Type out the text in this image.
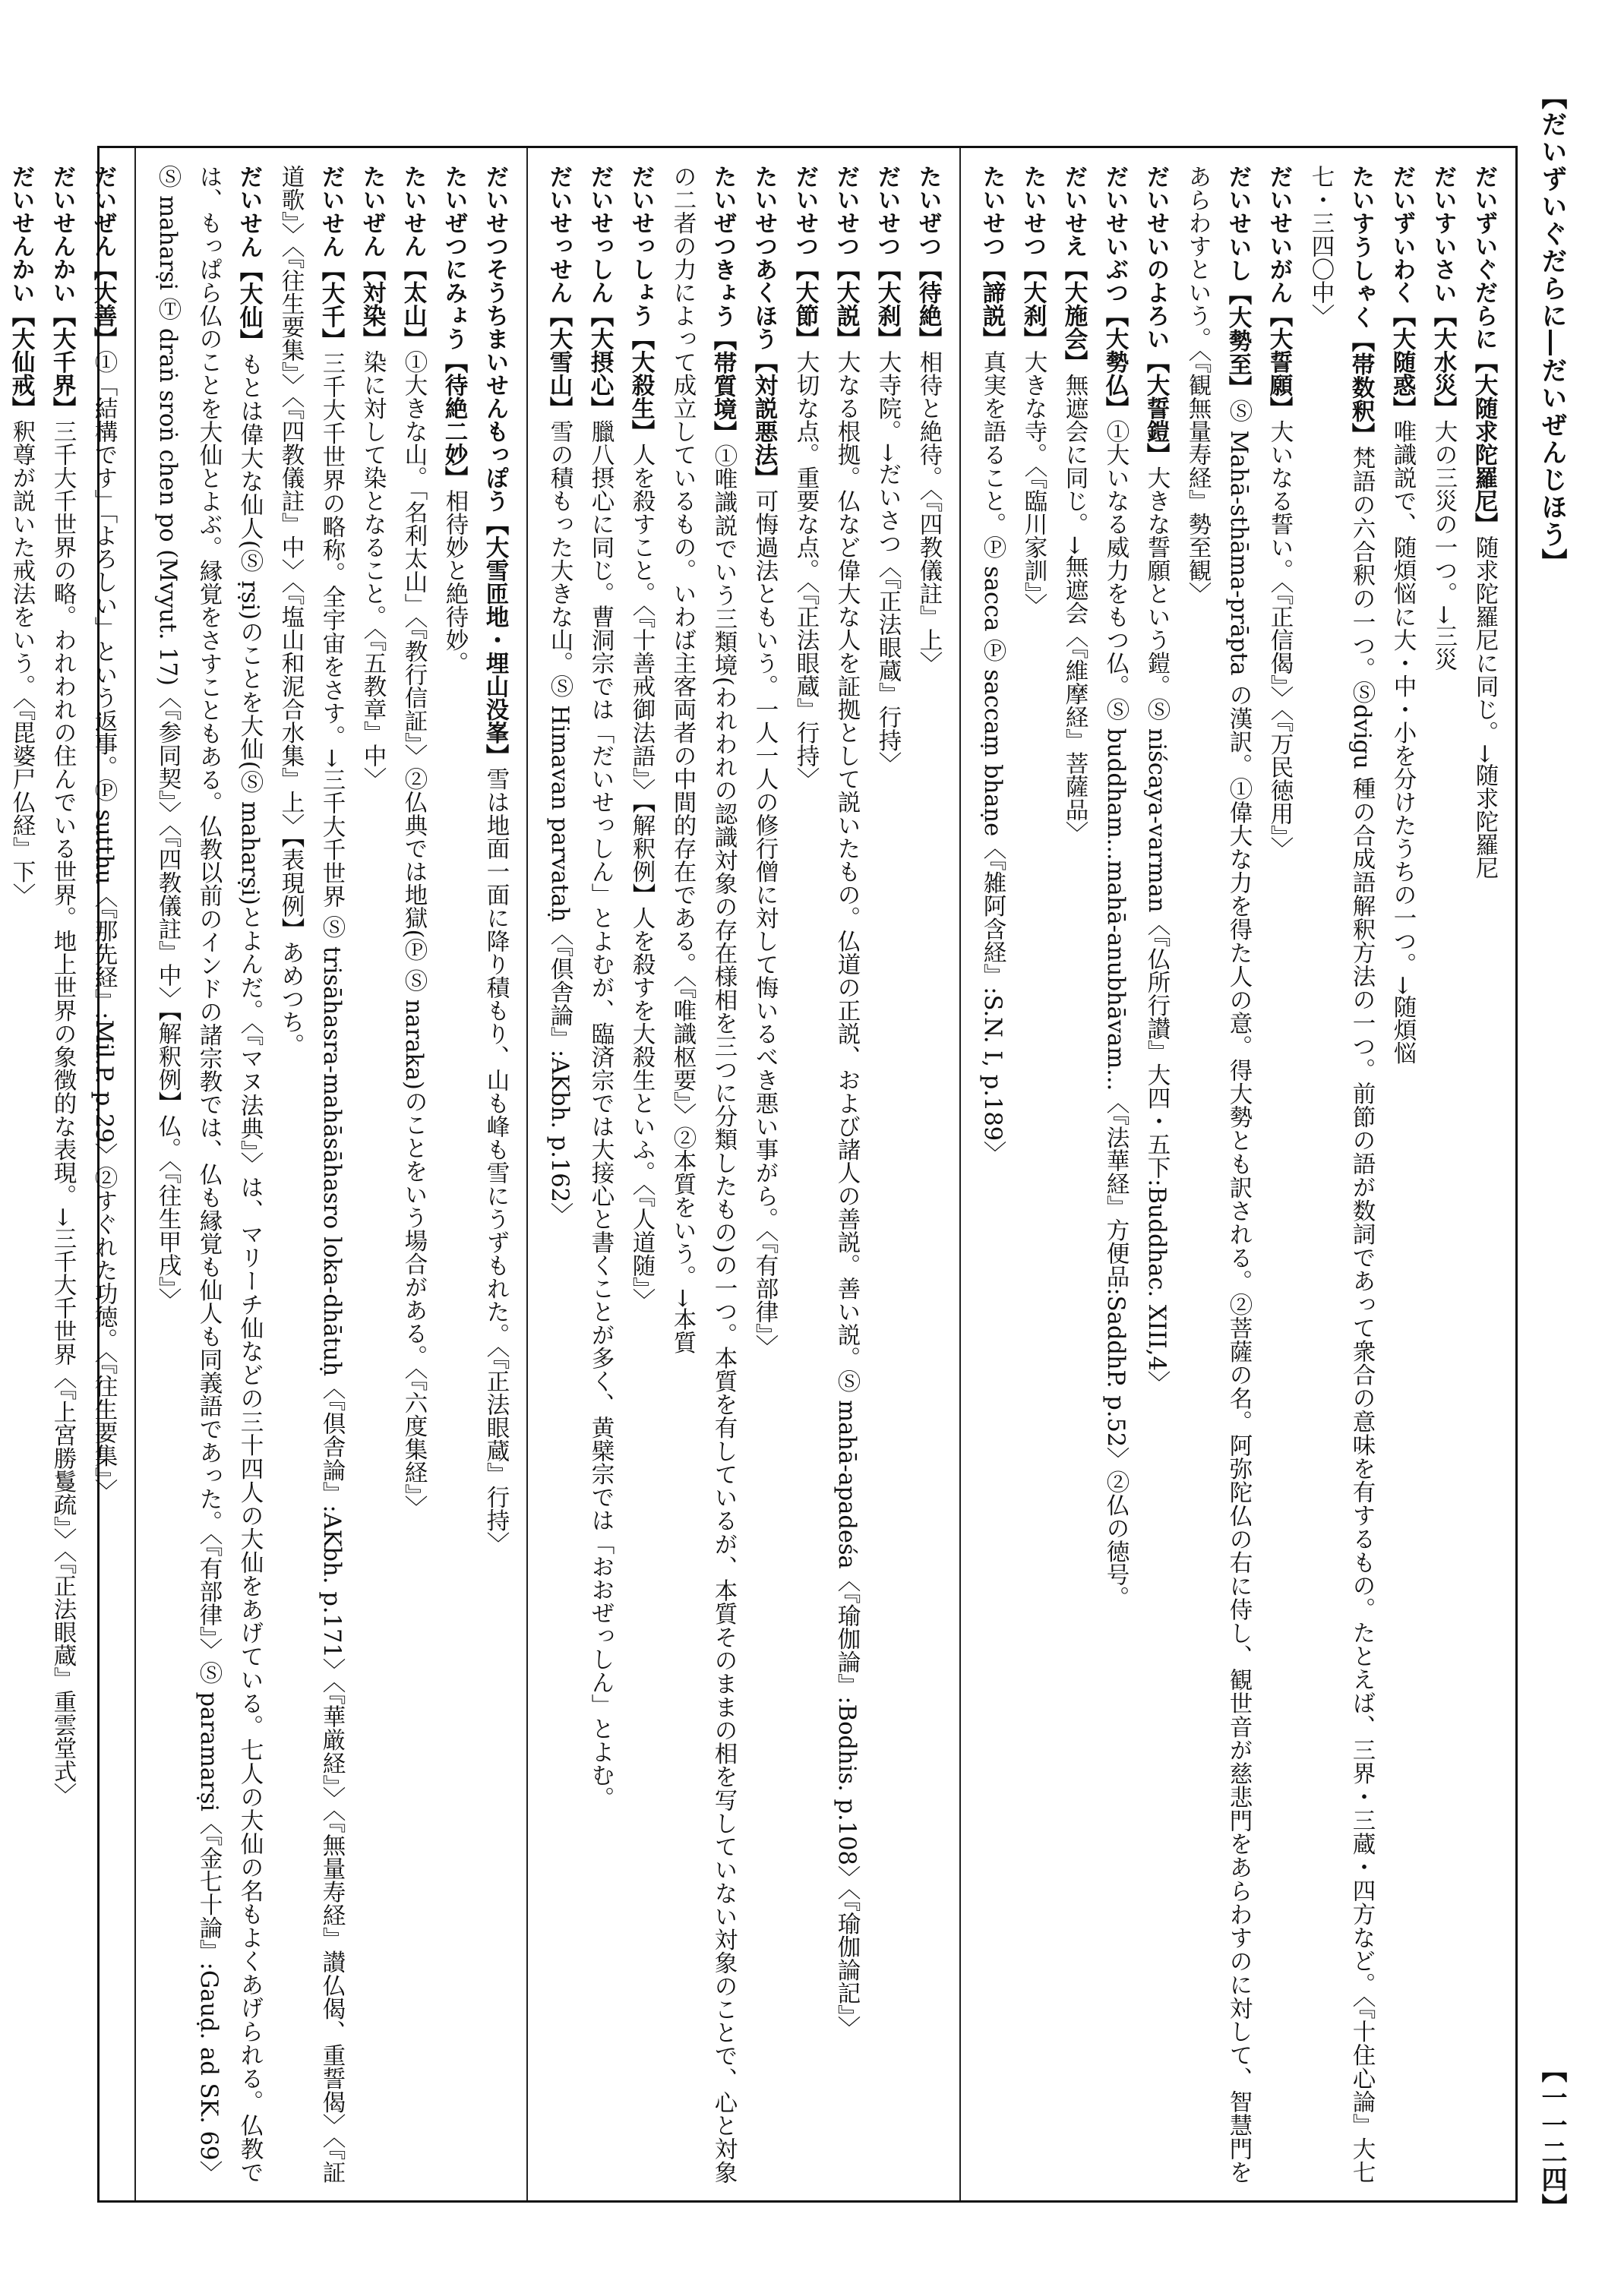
【だいずいぐだらに―だいぜんじほう】

だいずいぐだらに【大随求陀羅尼】随求陀羅尼に同じ。→随求陀羅尼

だいすいさい【大水災】大の三災の一つ。→三災

だいずいわく【大随惑】唯識説で、随煩悩に大・中・小を分けたうちの一つ。→随煩悩

たいすうしゃく【帯数釈】梵語の六合釈の一つ。Ⓢdvigu 種の合成語解釈方法の一つ。前節の語が数詞であって衆合の意味を有するもの。たとえば、三界・三蔵・四方など。〈『十住心論』大七七・三四〇中〉

だいせいがん【大誓願】大いなる誓い。〈『正信偈』〉〈『万民徳用』〉

だいせいし【大勢至】Ⓢ Mahā-sthāma-prāpta の漢訳。①偉大な力を得た人の意。得大勢とも訳される。②菩薩の名。阿弥陀仏の右に侍し、観世音が慈悲門をあらわすのに対して、智慧門をあらわすという。〈『観無量寿経』勢至観〉

だいせいのよろい【大誓鎧】大きな誓願という鎧。Ⓢ niścaya-varman〈『仏所行讃』大四・五下:Buddhac. XIII,4〉

だいせいぶつ【大勢仏】①大いなる威力をもつ仏。Ⓢ buddham...mahā-anubhāvam...〈『法華経』方便品:SaddhP. p.52〉②仏の徳号。

だいせえ【大施会】無遮会に同じ。→無遮会〈『維摩経』菩薩品〉

たいせつ【大刹】大きな寺。〈『臨川家訓』〉

たいせつ【諦説】真実を語ること。Ⓟ sacca Ⓟ saccaṃ bhaṇe〈『雑阿含経』:S.N. I, p.189〉

たいぜつ【待絶】相待と絶待。〈『四教儀註』上〉

だいせつ【大刹】大寺院。→だいさつ〈『正法眼蔵』行持〉

だいせつ【大説】大なる根拠。仏など偉大な人を証拠として説いたもの。仏道の正説、および諸人の善説。善い説。Ⓢ mahā-apadeśa〈『瑜伽論』:Bodhis. p.108〉〈『瑜伽論記』〉

だいせつ【大節】大切な点。重要な点。〈『正法眼蔵』行持〉

たいせつあくほう【対説悪法】可悔過法ともいう。一人一人の修行僧に対して悔いるべき悪い事がら。〈『有部律』〉

たいぜつきょう【帯質境】①唯識説でいう三類境(われわれの認識対象の存在様相を三つに分類したもの)の一つ。本質を有しているが、本質そのままの相を写していない対象のことで、心と対象の二者の力によって成立しているもの。いわば主客両者の中間的存在である。〈『唯識枢要』〉②本質をいう。→本質

だいせっしょう【大殺生】人を殺すこと。〈『十善戒御法語』〉【解釈例】人を殺すを大殺生といふ。〈『人道随』〉

だいせっしん【大摂心】臘八摂心に同じ。曹洞宗では「だいせっしん」とよむが、臨済宗では大接心と書くことが多く、黄檗宗では「おおぜっしん」とよむ。

だいせっせん【大雪山】雪の積もった大きな山。Ⓢ Himavan parvataḥ〈『倶舎論』:AKbh. p.162〉

だいせつそうちまいせんもっぽう【大雪匝地・埋山没峯】雪は地面一面に降り積もり、山も峰も雪にうずもれた。〈『正法眼蔵』行持〉

たいぜつにみょう【待絶二妙】相待妙と絶待妙。

たいせん【太山】①大きな山。「名利太山」〈『教行信証』〉②仏典では地獄(Ⓟ Ⓢ naraka)のことをいう場合がある。〈『六度集経』〉

たいぜん【対染】染に対して染となること。〈『五教章』中〉

だいせん【大千】三千大千世界の略称。全宇宙をさす。→三千大千世界 Ⓢ trisāhasra-mahāsāhasro loka-dhātuḥ〈『倶舎論』:AKbh. p.171〉〈『華厳経』〉〈『無量寿経』讃仏偈、重誓偈〉〈『証道歌』〉〈『往生要集』〉〈『四教儀註』中〉〈『塩山和泥合水集』上〉【表現例】あめつち。

だいせん【大仙】もとは偉大な仙人(Ⓢ ṛṣi)のことを大仙(Ⓢ maharṣi)とよんだ。〈『マヌ法典』〉は、マリーチ仙などの三十四人の大仙をあげている。七人の大仙の名もよくあげられる。仏教では、もっぱら仏のことを大仙とよぶ。縁覚をさすこともある。仏教以前のインドの諸宗教では、仏も縁覚も仙人も同義語であった。〈『有部律』〉Ⓢ paramarṣi〈『金七十論』:Gauḍ. ad SK. 69〉Ⓢ maharṣi Ⓣ draṅ sroṅ chen po (Mvyut. 17)〈『参同契』〉〈『四教儀註』中〉【解釈例】仏。〈『往生甲戌』〉

だいぜん【大善】①「結構です」「よろしい」という返事。Ⓟ sutthu〈『那先経』:Mil.P. p.29〉②すぐれた功徳。〈『往生要集』〉

だいせんかい【大千界】三千大千世界の略。われわれの住んでいる世界。地上世界の象徴的な表現。→三千大千世界〈『上宮勝鬘疏』〉〈『正法眼蔵』重雲堂式〉

だいせんかい【大仙戒】釈尊が説いた戒法をいう。〈『毘婆尸仏経』下〉

【一一二四】
